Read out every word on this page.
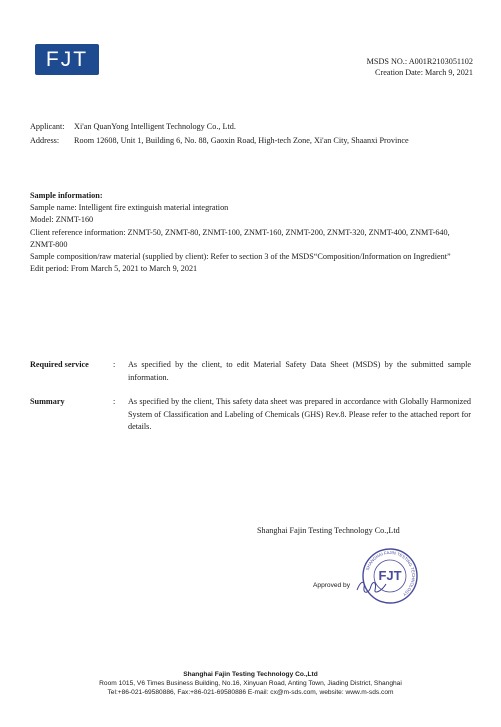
FJT	MSDS NO.: A001R2103051102
Creation Date: March 9, 2021
Applicant: Xi'an QuanYong Intelligent Technology Co., Ltd.
Address: Room 12608, Unit 1, Building 6, No. 88, Gaoxin Road, High-tech Zone, Xi'an City, Shaanxi Province
Sample information:
Sample name: Intelligent fire extinguish material integration
Model: ZNMT-160
Client reference information: ZNMT-50, ZNMT-80, ZNMT-100, ZNMT-160, ZNMT-200, ZNMT-320, ZNMT-400, ZNMT-640, ZNMT-800
Sample composition/raw material (supplied by client): Refer to section 3 of the MSDS“Composition/Information on Ingredient”
Edit period: From March 5, 2021 to March 9, 2021
Required service	: As specified by the client, to edit Material Safety Data Sheet (MSDS) by the submitted sample information.
Summary	: As specified by the client, This safety data sheet was prepared in accordance with Globally Harmonized System of Classification and Labeling of Chemicals (GHS) Rev.8. Please refer to the attached report for details.
Shanghai Fajin Testing Technology Co.,Ltd
Approved by
SHANGHAI FAJIN TESTING TECHNOLOGY
FJT
Shanghai Fajin Testing Technology Co.,Ltd
Room 1015, V6 Times Business Building, No.16, Xinyuan Road, Anting Town, Jiading District, Shanghai
Tel:+86-021-69580886, Fax:+86-021-69580886 E-mail: cx@m-sds.com, website: www.m-sds.com
